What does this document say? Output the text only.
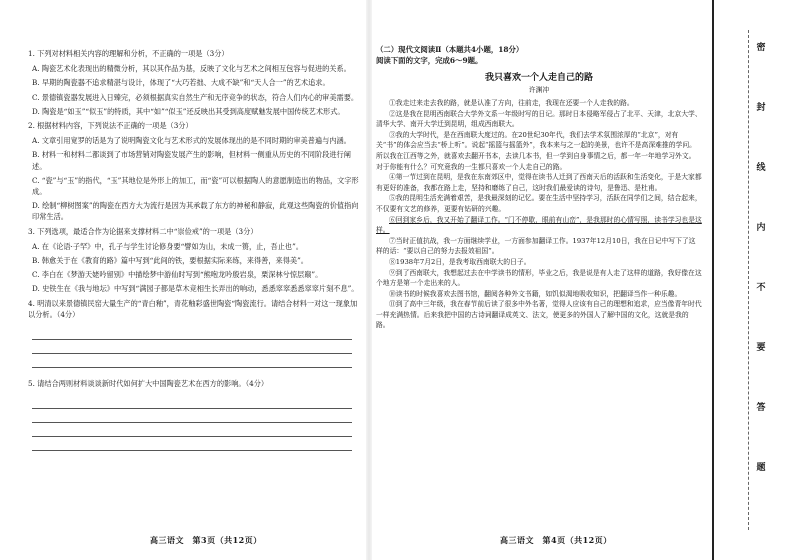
1. 下列对材料相关内容的理解和分析，不正确的一项是（3分）

A. 陶瓷艺术化表现出的精微分析，其以其作品为基，反映了文化与艺术之间相互包容与促进的关系。

B. 早期的陶瓷器不追求精湛与设计，体现了“大巧若拙、大成不缺”和“天人合一”的艺术追求。

C. 景德镇瓷器发展进入日臻完，必须根据真实自然生产和无序竞争的状态，符合人们内心的审美需要。

D. 陶瓷是“如玉”“似玉”的特质，其中“如”“似玉”还反映出其受到高度赋魅发展中国传统艺术形式。

2. 根据材料内容，下列说法不正确的一项是（3分）

A. 文章引用宽罗的话是为了说明陶瓷文化与艺术形式的发展体现出的是不同时期的审美普遍与内涵。

B. 材料一和材料二都谈到了市场营销对陶瓷发展产生的影响，但材料一侧重从历史的不同阶段进行阐述。

C. “瓷”与“玉”的指代，“玉”其地位是外形上的加工，而“瓷”可以根据陶人的意愿制造出的物品，文字形成。

D. 绘制“柳树图案”的陶瓷在西方大为流行是因为其承载了东方的神秘和静寂，此观这些陶瓷的价值指向印常生活。

3. 下列选项，最适合作为论据来支撑材料二中“崇俭戒”的一项是（3分）

A. 在《论语·子罕》中，孔子与学生讨论修身要“譬如为山，未成一篑，止，吾止也”。

B. 韩愈关于在《教育的路》篇中写到“此间的铁，要根据实际来练，来得善，来得美”。

C. 李白在《梦游天姥吟留别》中描绘梦中游仙时写到“熊咆龙吟殷岩泉，栗深林兮惊层巅”。

D. 史铁生在《我与地坛》中写到“满园子都是草木竞相生长弄出的响动，悉悉窣窣悉悉窣窣片刻不息”。

4. 明清以来景德镇民窑大量生产的“青白釉”，青花釉彩盛世陶瓷“陶瓷流行。请结合材料一对这一现象加以分析。（4分）

5. 请结合两则材料谈谈新时代如何扩大中国陶瓷艺术在西方的影响。（4分）

（二）现代文阅读Ⅱ（本题共4小题，18分）
阅读下面的文字，完成6～9题。
我只喜欢一个人走自己的路
许渊冲

①我走过来走去我的路，就是认准了方向，往前走，我现在还要一个人走我的路。

②这是我在昆明西南联合大学外文系一年级时写的日记。那时日本侵略军侵占了北平、天津，北京大学、清华大学、南开大学迁到昆明，组成西南联大。

③我的大学时代，是在西南联大度过的。在20世纪30年代，我们去学术氛围浓厚的“北京”，对有关“书”的体会应当去“桥上听”。说起“摇篮与摇篮外”，我本来与之一起的美景，也许不是高深难推的学问。所以我在江西等之外，就喜欢去翻开书本，去读几本书，但一学到自身事情之后，都一年一年地学习外文。对于你能有什么？可究竟我的一生都只喜欢一个人走自己的路。

④第一节过到在昆明，是我在东南郊区中，觉得在读书人迁到了西南天后的活跃和生活变化，于是大家都有更好的准备，我都在路上走，坚持和磨练了自己，这时我们最爱读的诗句，是鲁迅、是杜甫。

⑤我的昆明生活充满着艰苦，是我最深刻的记忆。要在生活中坚持学习，活跃在同学们之间，结合起来，不仅要有文艺的修养，更要有钻研的兴趣。

⑥回到家乡后，我又开始了翻译工作。“门不停歇，眼前有山峦”，是我那时的心情写照，读书学习也是这样。

⑦当时正值抗战，我一方面继续学业，一方面参加翻译工作。1937年12月10日，我在日记中写下了这样的话：“要以自己的努力去报效祖国”。

⑧1938年7月2日，是我考取西南联大的日子。

⑨到了西南联大，我想起过去在中学读书的情形，毕业之后，我是说是有人走了这样的道路，我好像在这个地方是第一个走出来的人。

⑩读书的时候我喜欢去图书馆，翻阅各种外文书籍，如饥似渴地吸收知识，把翻译当作一种乐趣。

⑪到了高中三年级，我在春节前后读了很多中外名著，觉得人应该有自己的理想和追求，应当像青年时代一样充满热情。后来我把中国的古诗词翻译成英文、法文，使更多的外国人了解中国的文化，这就是我的路。

密
封
线
内
不
要
答
题
高三语文　第3页（共12页）	高三语文　第4页（共12页）
